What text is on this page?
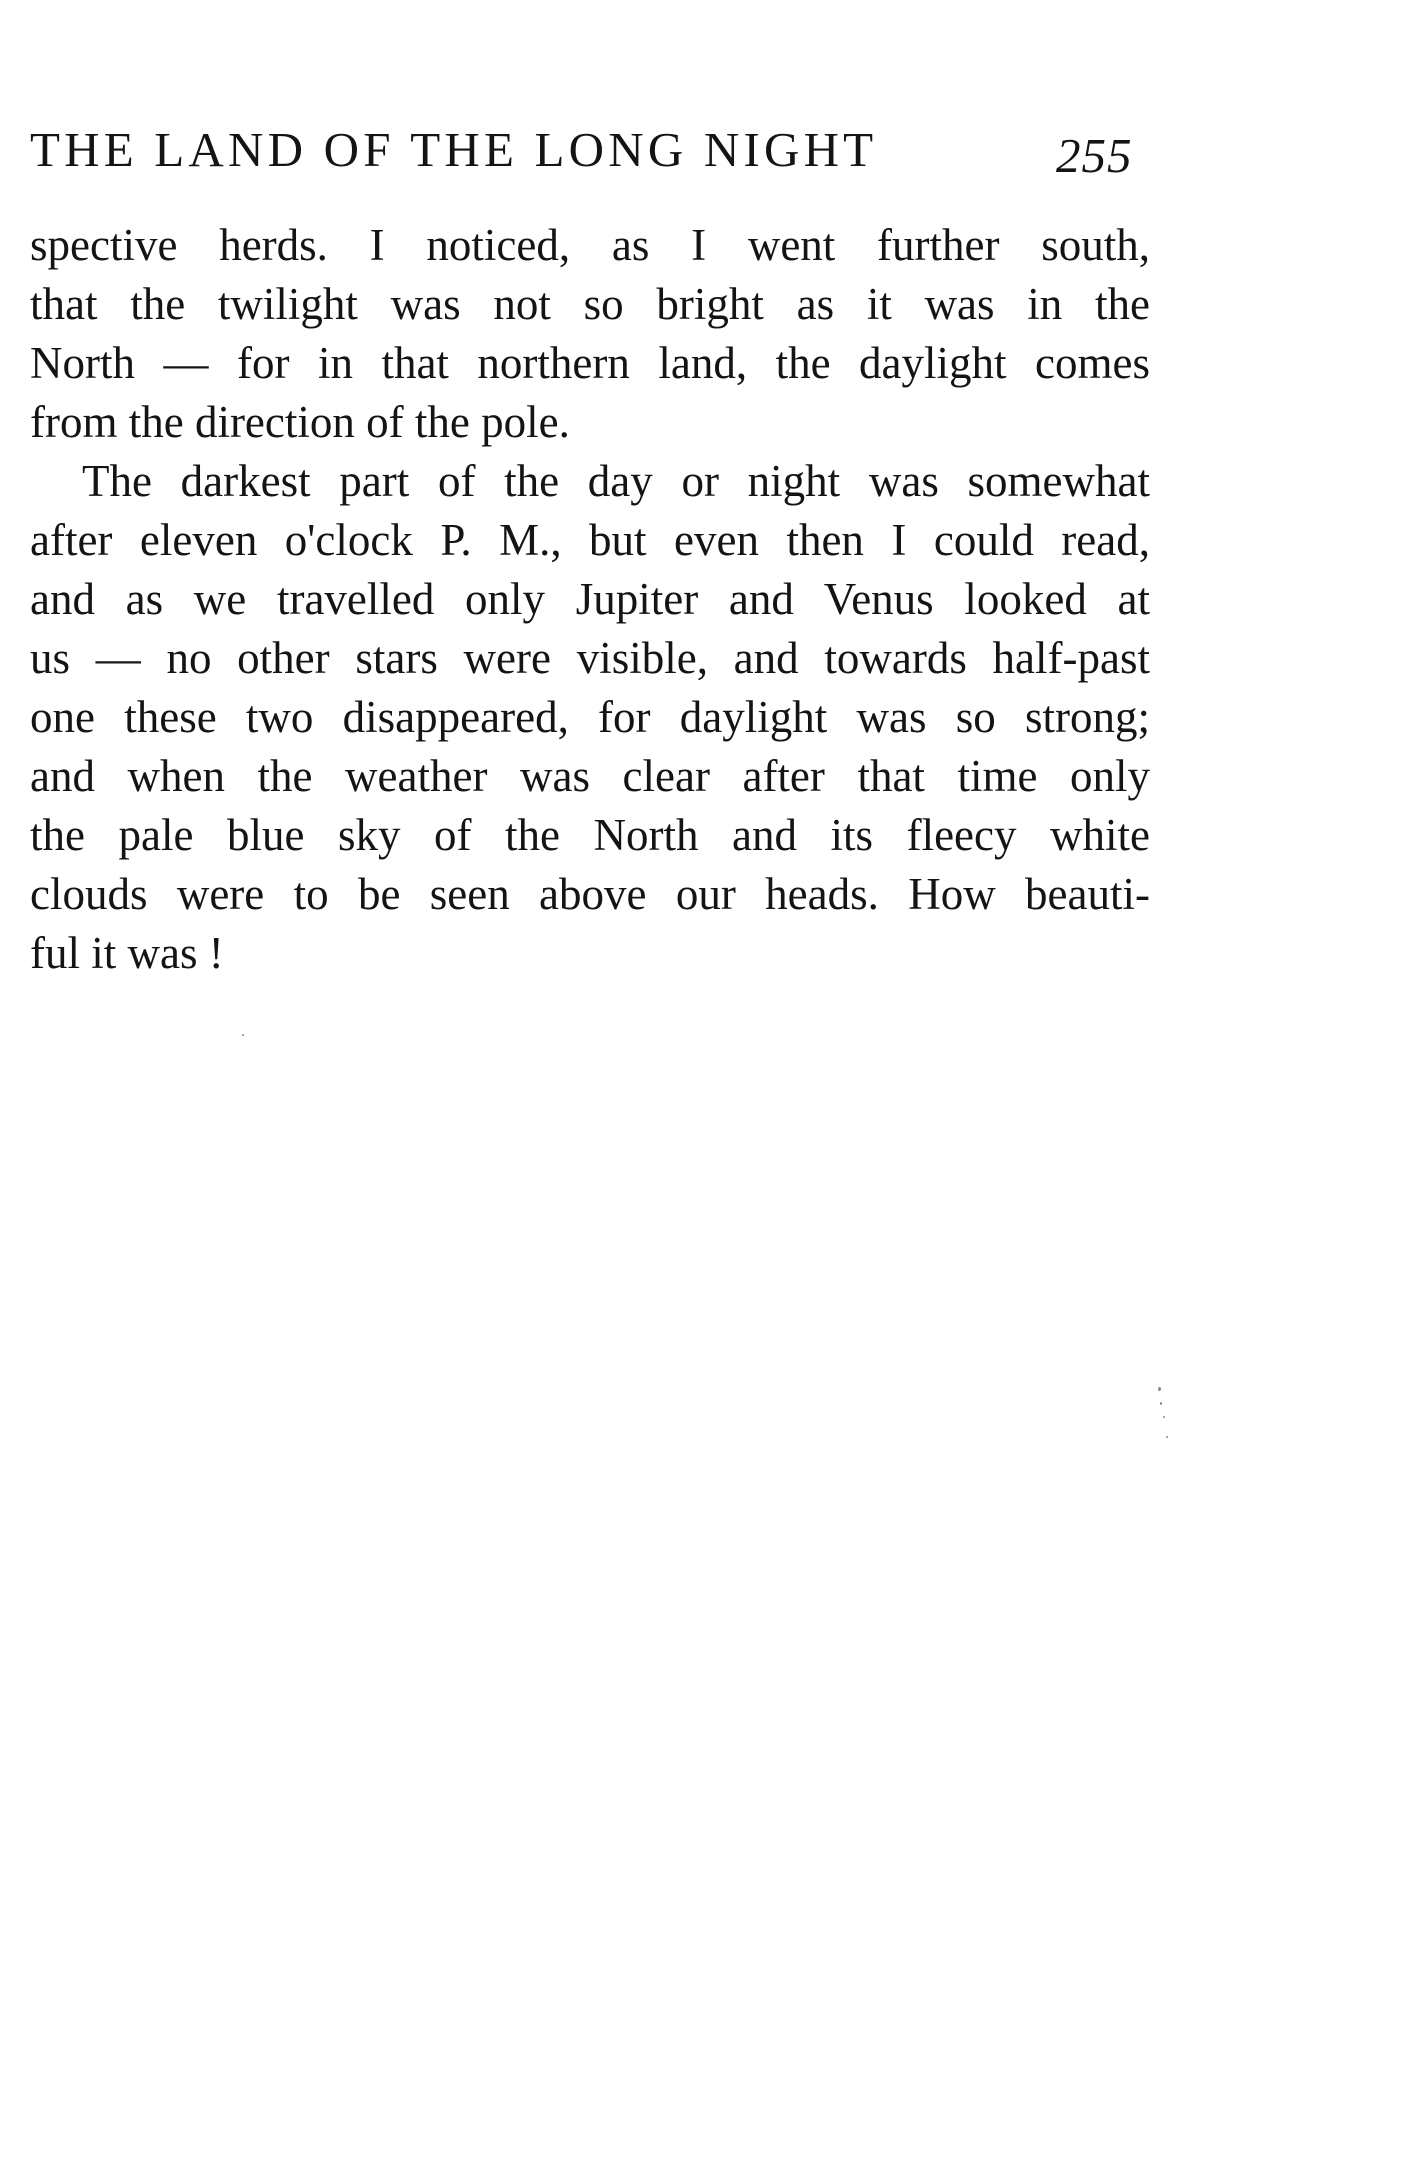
THE LAND OF THE LONG NIGHT	255
spective herds. I noticed, as I went further south,
that the twilight was not so bright as it was in the
North — for in that northern land, the daylight comes
from the direction of the pole.
The darkest part of the day or night was somewhat
after eleven o'clock P. M., but even then I could read,
and as we travelled only Jupiter and Venus looked at
us — no other stars were visible, and towards half-past
one these two disappeared, for daylight was so strong;
and when the weather was clear after that time only
the pale blue sky of the North and its fleecy white
clouds were to be seen above our heads. How beauti-
ful it was !
